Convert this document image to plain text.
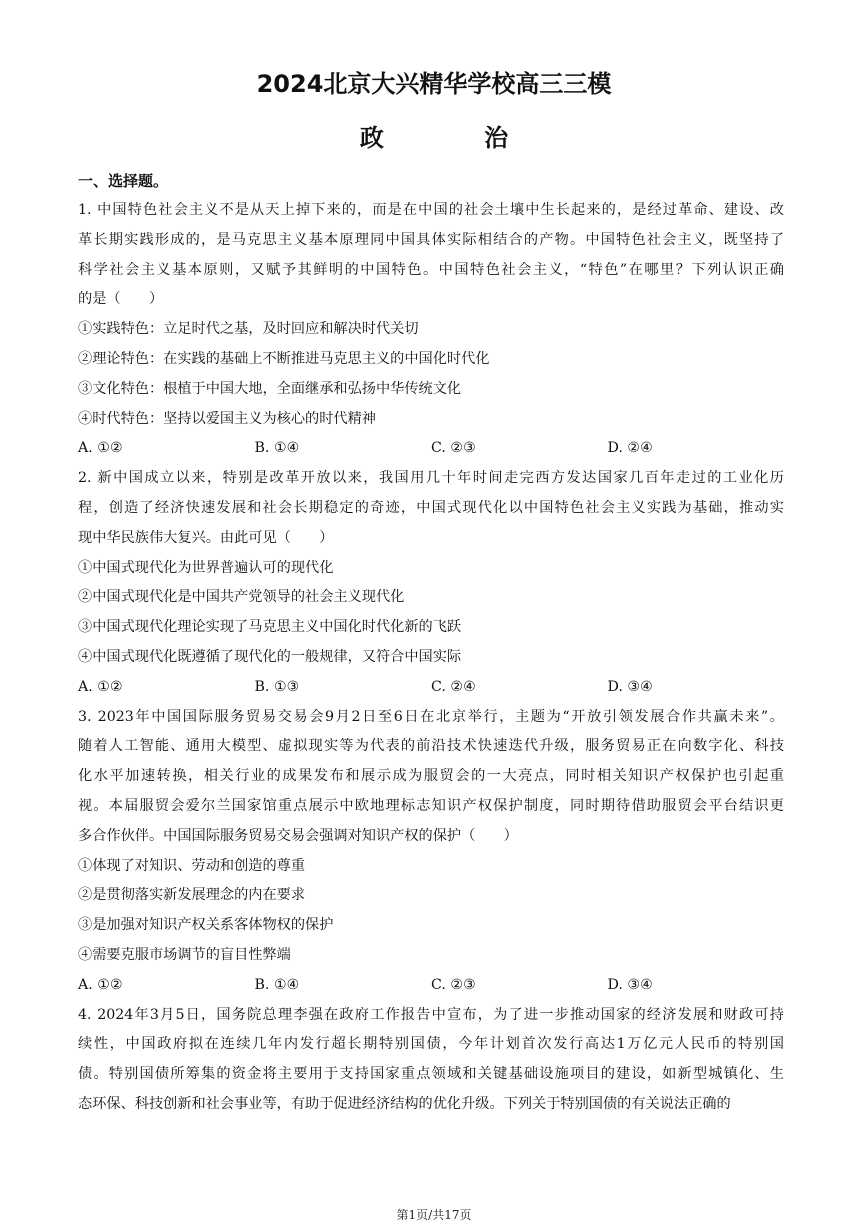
2024北京大兴精华学校高三三模
政 治
一、选择题。
1. 中国特色社会主义不是从天上掉下来的，而是在中国的社会土壤中生长起来的，是经过革命、建设、改
革长期实践形成的，是马克思主义基本原理同中国具体实际相结合的产物。中国特色社会主义，既坚持了
科学社会主义基本原则，又赋予其鲜明的中国特色。中国特色社会主义，“特色”在哪里？下列认识正确
的是（　　）
①实践特色：立足时代之基，及时回应和解决时代关切
②理论特色：在实践的基础上不断推进马克思主义的中国化时代化
③文化特色：根植于中国大地，全面继承和弘扬中华传统文化
④时代特色：坚持以爱国主义为核心的时代精神
A. ①②	B. ①④	C. ②③	D. ②④
2. 新中国成立以来，特别是改革开放以来，我国用几十年时间走完西方发达国家几百年走过的工业化历
程，创造了经济快速发展和社会长期稳定的奇迹，中国式现代化以中国特色社会主义实践为基础，推动实
现中华民族伟大复兴。由此可见（　　）
①中国式现代化为世界普遍认可的现代化
②中国式现代化是中国共产党领导的社会主义现代化
③中国式现代化理论实现了马克思主义中国化时代化新的飞跃
④中国式现代化既遵循了现代化的一般规律，又符合中国实际
A. ①②	B. ①③	C. ②④	D. ③④
3. 2023年中国国际服务贸易交易会9月2日至6日在北京举行，主题为“开放引领发展合作共赢未来”。
随着人工智能、通用大模型、虚拟现实等为代表的前沿技术快速迭代升级，服务贸易正在向数字化、科技
化水平加速转换，相关行业的成果发布和展示成为服贸会的一大亮点，同时相关知识产权保护也引起重
视。本届服贸会爱尔兰国家馆重点展示中欧地理标志知识产权保护制度，同时期待借助服贸会平台结识更
多合作伙伴。中国国际服务贸易交易会强调对知识产权的保护（　　）
①体现了对知识、劳动和创造的尊重
②是贯彻落实新发展理念的内在要求
③是加强对知识产权关系客体物权的保护
④需要克服市场调节的盲目性弊端
A. ①②	B. ①④	C. ②③	D. ③④
4. 2024年3月5日，国务院总理李强在政府工作报告中宣布，为了进一步推动国家的经济发展和财政可持
续性，中国政府拟在连续几年内发行超长期特别国债，今年计划首次发行高达1万亿元人民币的特别国
债。特别国债所筹集的资金将主要用于支持国家重点领域和关键基础设施项目的建设，如新型城镇化、生
态环保、科技创新和社会事业等，有助于促进经济结构的优化升级。下列关于特别国债的有关说法正确的
第1页/共17页
